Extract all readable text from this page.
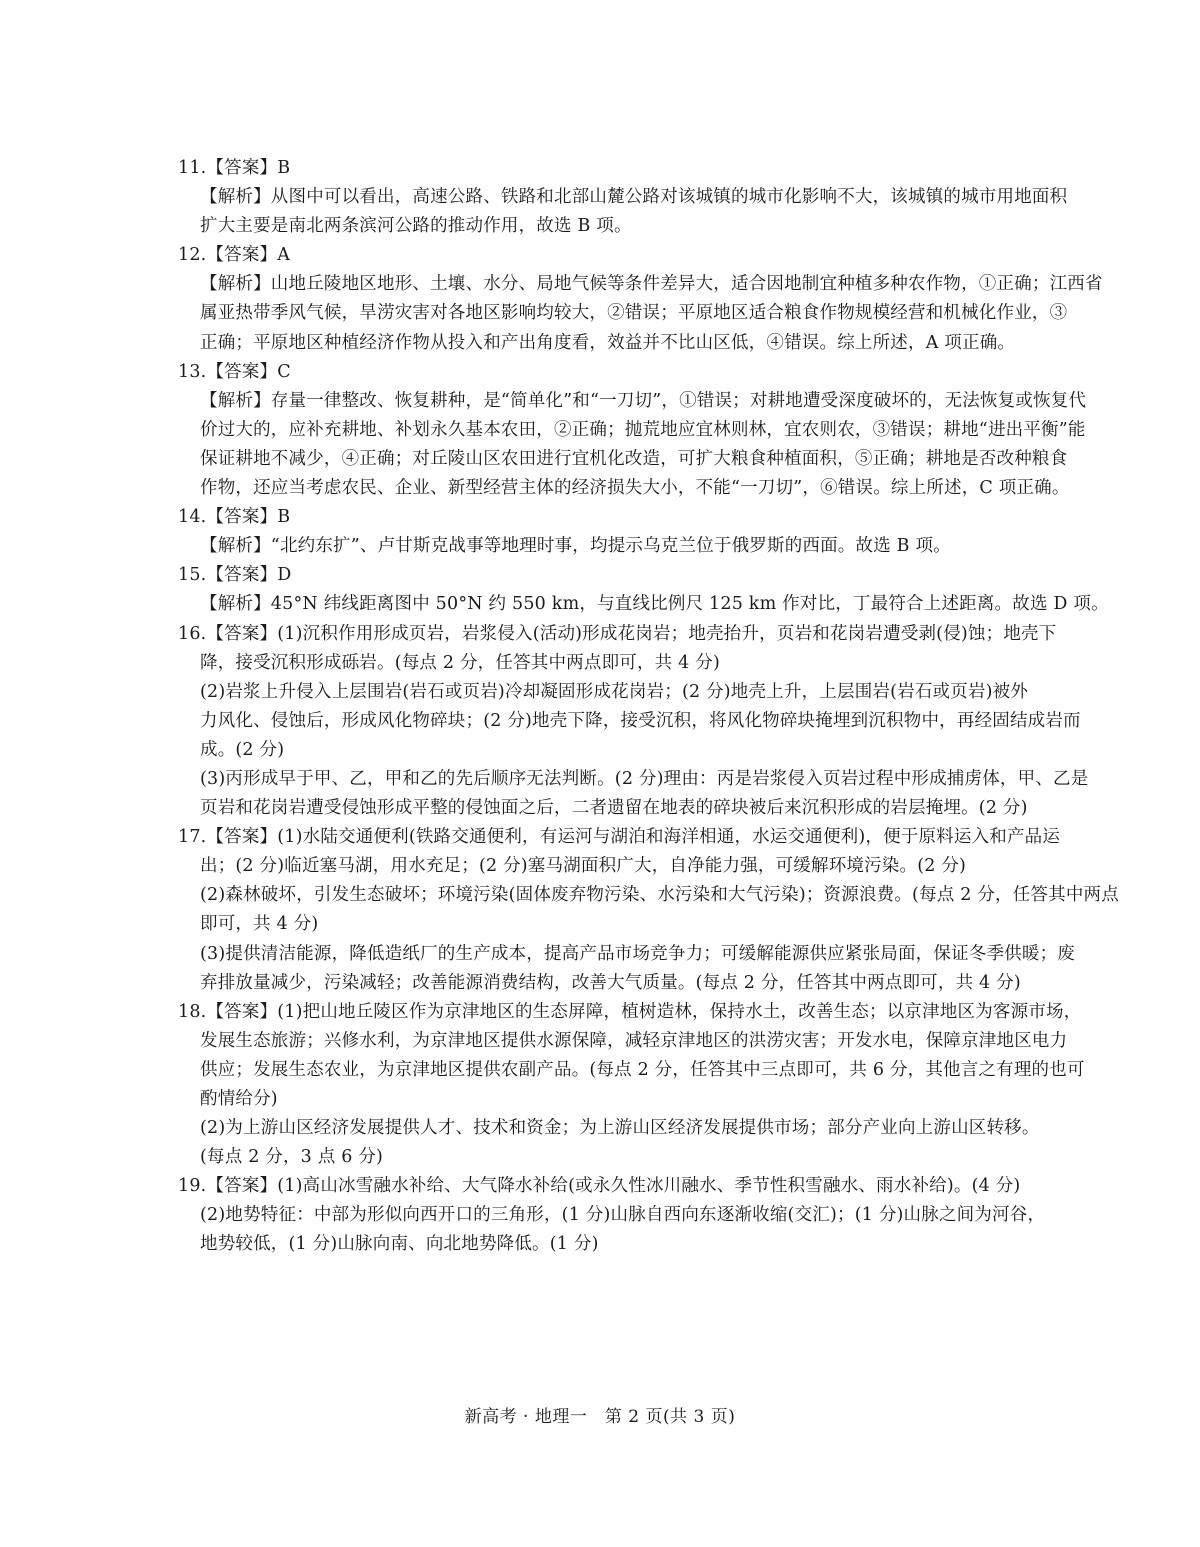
11.【答案】B
【解析】从图中可以看出，高速公路、铁路和北部山麓公路对该城镇的城市化影响不大，该城镇的城市用地面积
扩大主要是南北两条滨河公路的推动作用，故选 B 项。
12.【答案】A
【解析】山地丘陵地区地形、土壤、水分、局地气候等条件差异大，适合因地制宜种植多种农作物，①正确；江西省
属亚热带季风气候，旱涝灾害对各地区影响均较大，②错误；平原地区适合粮食作物规模经营和机械化作业，③
正确；平原地区种植经济作物从投入和产出角度看，效益并不比山区低，④错误。综上所述，A 项正确。
13.【答案】C
【解析】存量一律整改、恢复耕种，是“简单化”和“一刀切”，①错误；对耕地遭受深度破坏的，无法恢复或恢复代
价过大的，应补充耕地、补划永久基本农田，②正确；抛荒地应宜林则林，宜农则农，③错误；耕地“进出平衡”能
保证耕地不减少，④正确；对丘陵山区农田进行宜机化改造，可扩大粮食种植面积，⑤正确；耕地是否改种粮食
作物，还应当考虑农民、企业、新型经营主体的经济损失大小，不能“一刀切”，⑥错误。综上所述，C 项正确。
14.【答案】B
【解析】“北约东扩”、卢甘斯克战事等地理时事，均提示乌克兰位于俄罗斯的西面。故选 B 项。
15.【答案】D
【解析】45°N 纬线距离图中 50°N 约 550 km，与直线比例尺 125 km 作对比，丁最符合上述距离。故选 D 项。
16.【答案】(1)沉积作用形成页岩，岩浆侵入(活动)形成花岗岩；地壳抬升，页岩和花岗岩遭受剥(侵)蚀；地壳下
降，接受沉积形成砾岩。(每点 2 分，任答其中两点即可，共 4 分)
(2)岩浆上升侵入上层围岩(岩石或页岩)冷却凝固形成花岗岩；(2 分)地壳上升，上层围岩(岩石或页岩)被外
力风化、侵蚀后，形成风化物碎块；(2 分)地壳下降，接受沉积，将风化物碎块掩埋到沉积物中，再经固结成岩而
成。(2 分)
(3)丙形成早于甲、乙，甲和乙的先后顺序无法判断。(2 分)理由：丙是岩浆侵入页岩过程中形成捕虏体，甲、乙是
页岩和花岗岩遭受侵蚀形成平整的侵蚀面之后，二者遗留在地表的碎块被后来沉积形成的岩层掩埋。(2 分)
17.【答案】(1)水陆交通便利(铁路交通便利，有运河与湖泊和海洋相通，水运交通便利)，便于原料运入和产品运
出；(2 分)临近塞马湖，用水充足；(2 分)塞马湖面积广大，自净能力强，可缓解环境污染。(2 分)
(2)森林破坏，引发生态破坏；环境污染(固体废弃物污染、水污染和大气污染)；资源浪费。(每点 2 分，任答其中两点
即可，共 4 分)
(3)提供清洁能源，降低造纸厂的生产成本，提高产品市场竞争力；可缓解能源供应紧张局面，保证冬季供暖；废
弃排放量减少，污染减轻；改善能源消费结构，改善大气质量。(每点 2 分，任答其中两点即可，共 4 分)
18.【答案】(1)把山地丘陵区作为京津地区的生态屏障，植树造林，保持水土，改善生态；以京津地区为客源市场，
发展生态旅游；兴修水利，为京津地区提供水源保障，减轻京津地区的洪涝灾害；开发水电，保障京津地区电力
供应；发展生态农业，为京津地区提供农副产品。(每点 2 分，任答其中三点即可，共 6 分，其他言之有理的也可
酌情给分)
(2)为上游山区经济发展提供人才、技术和资金；为上游山区经济发展提供市场；部分产业向上游山区转移。
(每点 2 分，3 点 6 分)
19.【答案】(1)高山冰雪融水补给、大气降水补给(或永久性冰川融水、季节性积雪融水、雨水补给)。(4 分)
(2)地势特征：中部为形似向西开口的三角形，(1 分)山脉自西向东逐渐收缩(交汇)；(1 分)山脉之间为河谷，
地势较低，(1 分)山脉向南、向北地势降低。(1 分)
新高考 · 地理一　第 2 页(共 3 页)
